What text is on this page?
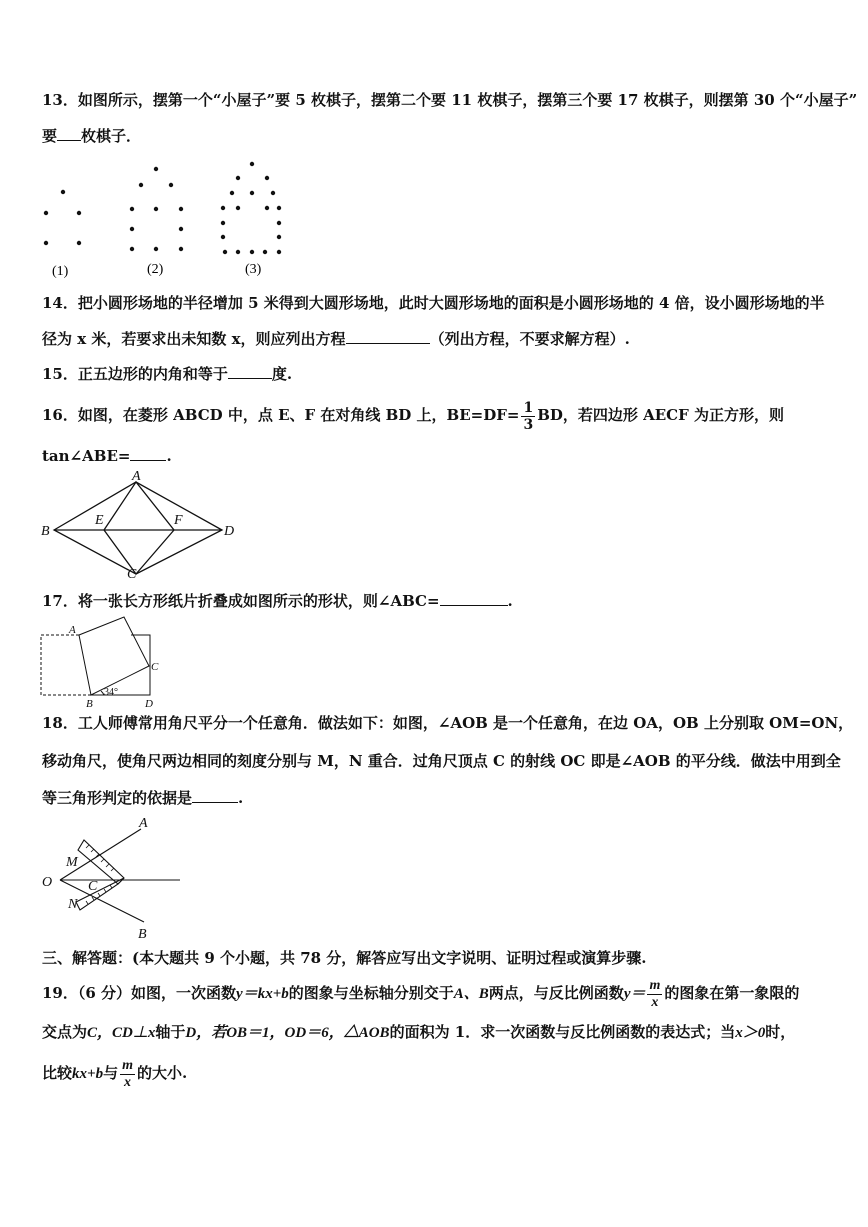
13．如图所示，摆第一个“小屋子”要 5 枚棋子，摆第二个要 11 枚棋子，摆第三个要 17 枚棋子，则摆第 30 个“小屋子”
要 枚棋子．
(1)	(2)	(3)
14．把小圆形场地的半径增加 5 米得到大圆形场地，此时大圆形场地的面积是小圆形场地的 4 倍，设小圆形场地的半
径为 x 米，若要求出未知数 x，则应列出方程	（列出方程，不要求解方程）.
15．正五边形的内角和等于	度.
16．如图，在菱形 ABCD 中，点 E、F 在对角线 BD 上，$BE=DF= \frac{1}{3}$ BD，若四边形 AECF 为正方形，则
tan∠ABE= .
A
B
E	F
D
C
17．将一张长方形纸片折叠成如图所示的形状，则∠ABC=	.
A
C
B	D
34°
18．工人师傅常用角尺平分一个任意角．做法如下：如图，∠AOB 是一个任意角，在边 OA，OB 上分别取 OM=ON，
移动角尺，使角尺两边相同的刻度分别与 M，N 重合．过角尺顶点 C 的射线 OC 即是∠AOB 的平分线．做法中用到全
等三角形判定的依据是	.
A
M
O	C
N
B
三、解答题：(本大题共 9 个小题，共 78 分，解答应写出文字说明、证明过程或演算步骤.
19．（6 分）如图，一次函数y＝kx+b的图象与坐标轴分别交于A、B两点，与反比例函数$y= \frac{m}{x}$ 的图象在第一象限的
交点为C，CD⊥x轴于D，若OB＝1，OD＝6，△AOB的面积为 1．求一次函数与反比例函数的表达式；当x＞0时，
比较kx+b与 $\frac{m}{x}$ 的大小.
